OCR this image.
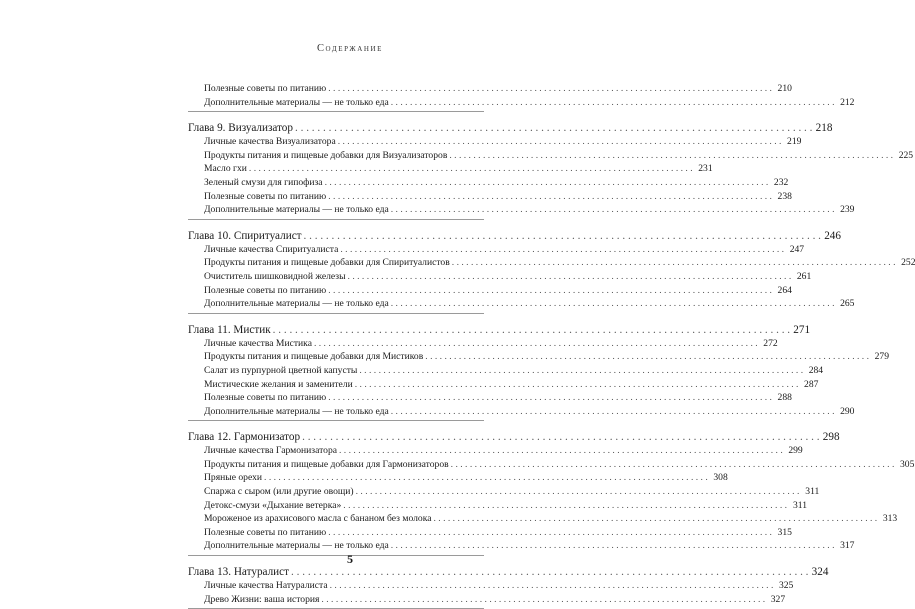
Содержание
Полезные советы по питанию . . .	210
Дополнительные материалы — не только еда . . .	212
Глава 9. Визуализатор . . .	218
Личные качества Визуализатора . . .	219
Продукты питания и пищевые добавки для Визуализаторов . . .	225
Масло гхи . . .	231
Зеленый смузи для гипофиза . . .	232
Полезные советы по питанию . . .	238
Дополнительные материалы — не только еда . . .	239
Глава 10. Спиритуалист . . .	246
Личные качества Спиритуалиста . . .	247
Продукты питания и пищевые добавки для Спиритуалистов . . .	252
Очиститель шишковидной железы . . .	261
Полезные советы по питанию . . .	264
Дополнительные материалы — не только еда . . .	265
Глава 11. Мистик . . .	271
Личные качества Мистика . . .	272
Продукты питания и пищевые добавки для Мистиков . . .	279
Салат из пурпурной цветной капусты . . .	284
Мистические желания и заменители . . .	287
Полезные советы по питанию . . .	288
Дополнительные материалы — не только еда . . .	290
Глава 12. Гармонизатор . . .	298
Личные качества Гармонизатора . . .	299
Продукты питания и пищевые добавки для Гармонизаторов . . .	305
Пряные орехи . . .	308
Спаржа с сыром (или другие овощи) . . .	311
Детокс-смузи «Дыхание ветерка» . . .	311
Мороженое из арахисового масла с бананом без молока . . .	313
Полезные советы по питанию . . .	315
Дополнительные материалы — не только еда . . .	317
Глава 13. Натуралист . . .	324
Личные качества Натуралиста . . .	325
Древо Жизни: ваша история . . .	327
5
